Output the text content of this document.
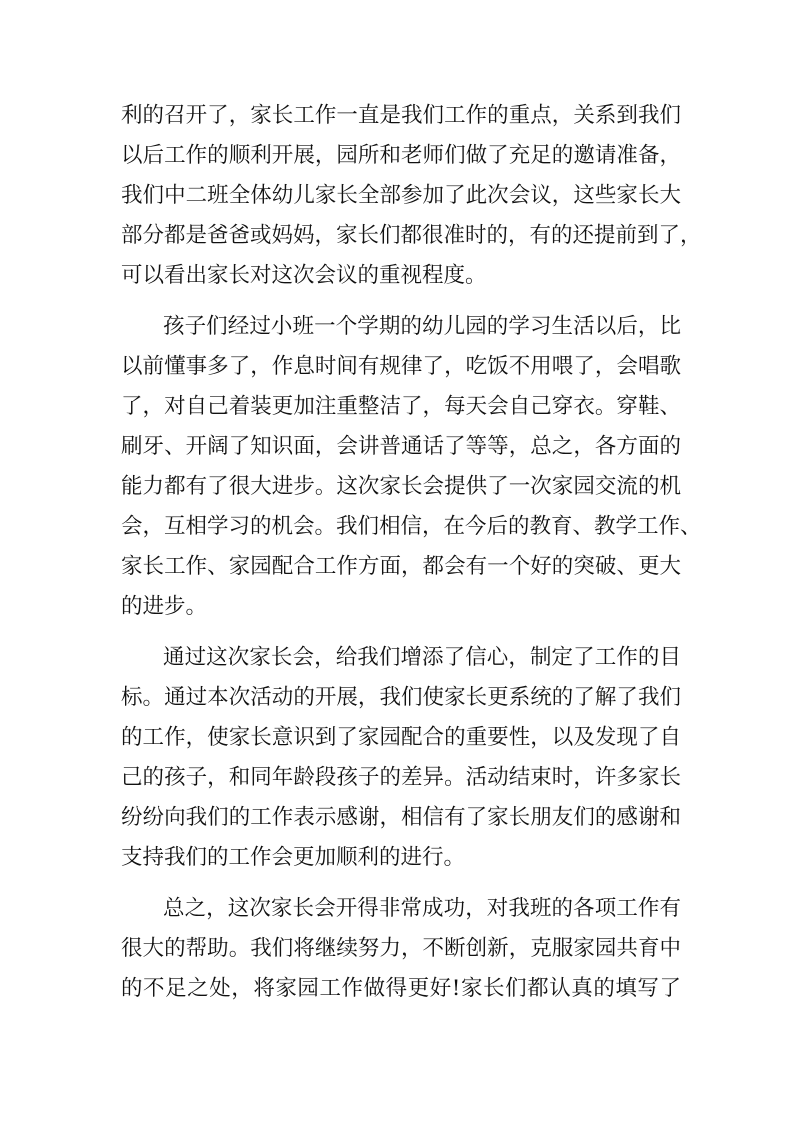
利的召开了，家长工作一直是我们工作的重点，关系到我们
以后工作的顺利开展，园所和老师们做了充足的邀请准备，
我们中二班全体幼儿家长全部参加了此次会议，这些家长大
部分都是爸爸或妈妈，家长们都很准时的，有的还提前到了，
可以看出家长对这次会议的重视程度。
孩子们经过小班一个学期的幼儿园的学习生活以后，比
以前懂事多了，作息时间有规律了，吃饭不用喂了，会唱歌
了，对自己着装更加注重整洁了，每天会自己穿衣。穿鞋、
刷牙、开阔了知识面，会讲普通话了等等，总之，各方面的
能力都有了很大进步。这次家长会提供了一次家园交流的机
会，互相学习的机会。我们相信，在今后的教育、教学工作、
家长工作、家园配合工作方面，都会有一个好的突破、更大
的进步。
通过这次家长会，给我们增添了信心，制定了工作的目
标。通过本次活动的开展，我们使家长更系统的了解了我们
的工作，使家长意识到了家园配合的重要性，以及发现了自
己的孩子，和同年龄段孩子的差异。活动结束时，许多家长
纷纷向我们的工作表示感谢，相信有了家长朋友们的感谢和
支持我们的工作会更加顺利的进行。
总之，这次家长会开得非常成功，对我班的各项工作有
很大的帮助。我们将继续努力，不断创新，克服家园共育中
的不足之处，将家园工作做得更好!家长们都认真的填写了
